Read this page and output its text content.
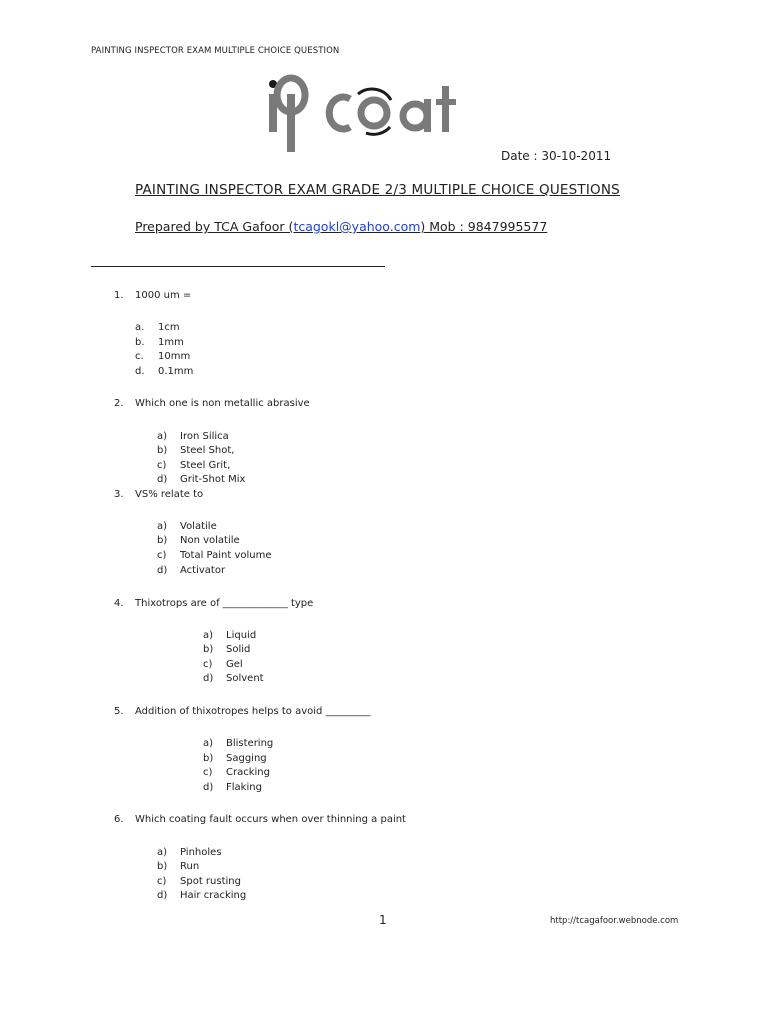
PAINTING INSPECTOR EXAM MULTIPLE CHOICE QUESTION
Date : 30-10-2011
PAINTING INSPECTOR EXAM GRADE 2/3 MULTIPLE CHOICE QUESTIONS
Prepared by TCA Gafoor (tcagokl@yahoo.com) Mob : 9847995577
1. 1000 um =
a. 1cm
b. 1mm
c. 10mm
d. 0.1mm
2. Which one is non metallic abrasive
a) Iron Silica
b) Steel Shot,
c) Steel Grit,
d) Grit-Shot Mix
3. VS% relate to
a) Volatile
b) Non volatile
c) Total Paint volume
d) Activator
4. Thixotrops are of _____________ type
a) Liquid
b) Solid
c) Gel
d) Solvent
5. Addition of thixotropes helps to avoid _________
a) Blistering
b) Sagging
c) Cracking
d) Flaking
6. Which coating fault occurs when over thinning a paint
a) Pinholes
b) Run
c) Spot rusting
d) Hair cracking
1	http://tcagafoor.webnode.com
